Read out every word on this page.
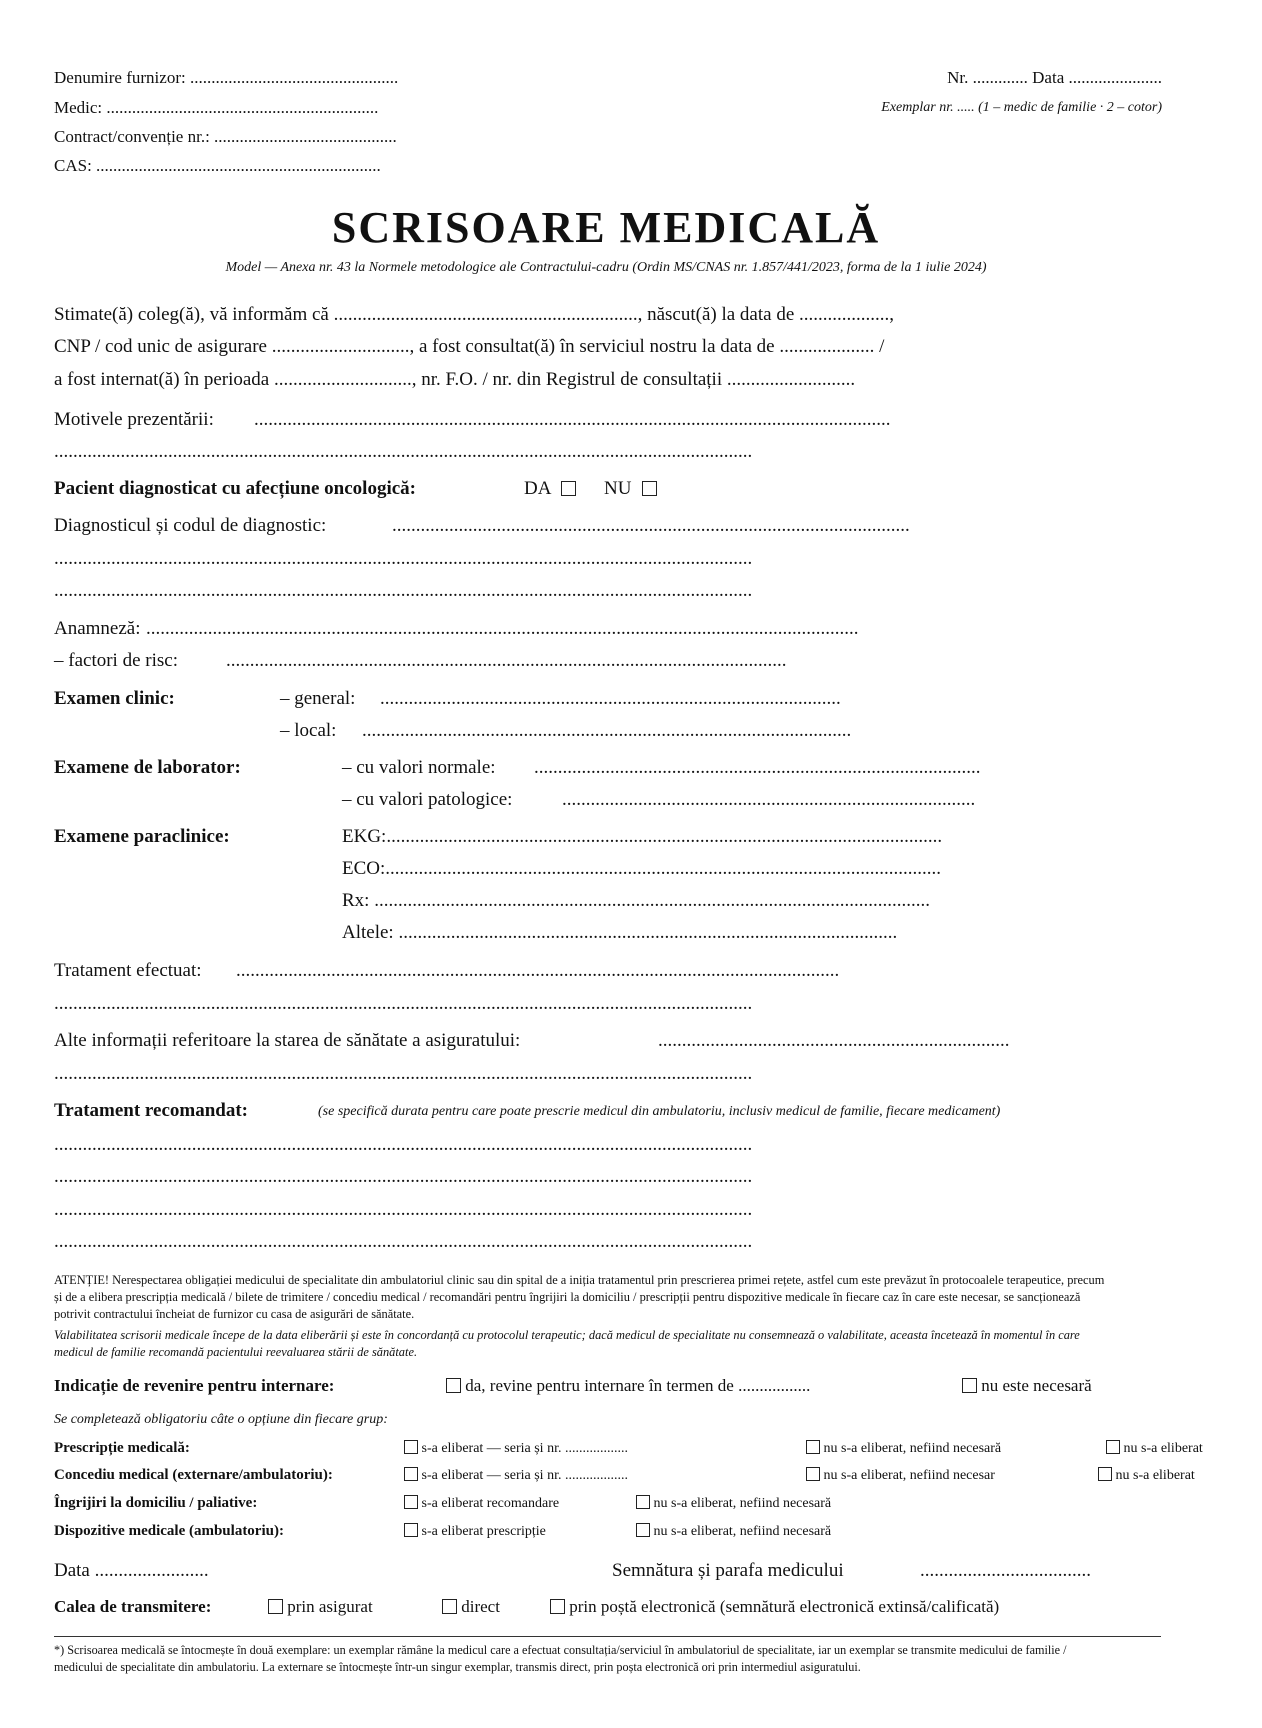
Denumire furnizor: .................................................
Medic: ................................................................
Contract/convenție nr.: ...........................................
CAS: ...................................................................
Nr. ............. Data ......................
Exemplar nr. ..... (1 – medic de familie · 2 – cotor)
SCRISOARE MEDICALĂ
Model — Anexa nr. 43 la Normele metodologice ale Contractului-cadru (Ordin MS/CNAS nr. 1.857/441/2023, forma de la 1 iulie 2024)
Stimate(ă) coleg(ă), vă informăm că ................................................................, născut(ă) la data de ...................,
CNP / cod unic de asigurare ............................., a fost consultat(ă) în serviciul nostru la data de .................... /
a fost internat(ă) în perioada ............................., nr. F.O. / nr. din Registrul de consultații ...........................
Motivele prezentării: ......................................................................................................................................
...................................................................................................................................................
Pacient diagnosticat cu afecțiune oncologică:	DA	NU
Diagnosticul și codul de diagnostic:	.............................................................................................................
...................................................................................................................................................
...................................................................................................................................................
Anamneză: ......................................................................................................................................................
– factori de risc:	......................................................................................................................
Examen clinic:	– general: .................................................................................................
– local: .......................................................................................................
Examene de laborator:	– cu valori normale: ..............................................................................................
– cu valori patologice:	.......................................................................................
Examene paraclinice:	EKG:.....................................................................................................................
ECO:.....................................................................................................................
Rx: .....................................................................................................................
Altele: .........................................................................................................
Tratament efectuat: ...............................................................................................................................
...................................................................................................................................................
Alte informații referitoare la starea de sănătate a asiguratului:	..........................................................................
...................................................................................................................................................
Tratament recomandat:	(se specifică durata pentru care poate prescrie medicul din ambulatoriu, inclusiv medicul de familie, fiecare medicament)
...................................................................................................................................................
...................................................................................................................................................
...................................................................................................................................................
...................................................................................................................................................
ATENȚIE! Nerespectarea obligației medicului de specialitate din ambulatoriul clinic sau din spital de a iniția tratamentul prin prescrierea primei rețete, astfel cum este prevăzut în protocoalele terapeutice, precum și de a elibera prescripția medicală / bilete de trimitere / concediu medical / recomandări pentru îngrijiri la domiciliu / prescripții pentru dispozitive medicale în fiecare caz în care este necesar, se sancționează potrivit contractului încheiat de furnizor cu casa de asigurări de sănătate.
Valabilitatea scrisorii medicale începe de la data eliberării și este în concordanță cu protocolul terapeutic; dacă medicul de specialitate nu consemnează o valabilitate, aceasta încetează în momentul în care medicul de familie recomandă pacientului reevaluarea stării de sănătate.
Indicație de revenire pentru internare:	da, revine pentru internare în termen de .................	nu este necesară
Se completează obligatoriu câte o opțiune din fiecare grup:
Prescripție medicală:	s-a eliberat — seria și nr. ..................	nu s-a eliberat, nefiind necesară	nu s-a eliberat
Concediu medical (externare/ambulatoriu):	s-a eliberat — seria și nr. ..................	nu s-a eliberat, nefiind necesar	nu s-a eliberat
Îngrijiri la domiciliu / paliative:	s-a eliberat recomandare	nu s-a eliberat, nefiind necesară
Dispozitive medicale (ambulatoriu):	s-a eliberat prescripție	nu s-a eliberat, nefiind necesară
Data ........................	Semnătura și parafa medicului	....................................
Calea de transmitere:	prin asigurat	direct	prin poștă electronică (semnătură electronică extinsă/calificată)
*) Scrisoarea medicală se întocmește în două exemplare: un exemplar rămâne la medicul care a efectuat consultația/serviciul în ambulatoriul de specialitate, iar un exemplar se transmite medicului de familie / medicului de specialitate din ambulatoriu. La externare se întocmește într-un singur exemplar, transmis direct, prin poșta electronică ori prin intermediul asiguratului.
